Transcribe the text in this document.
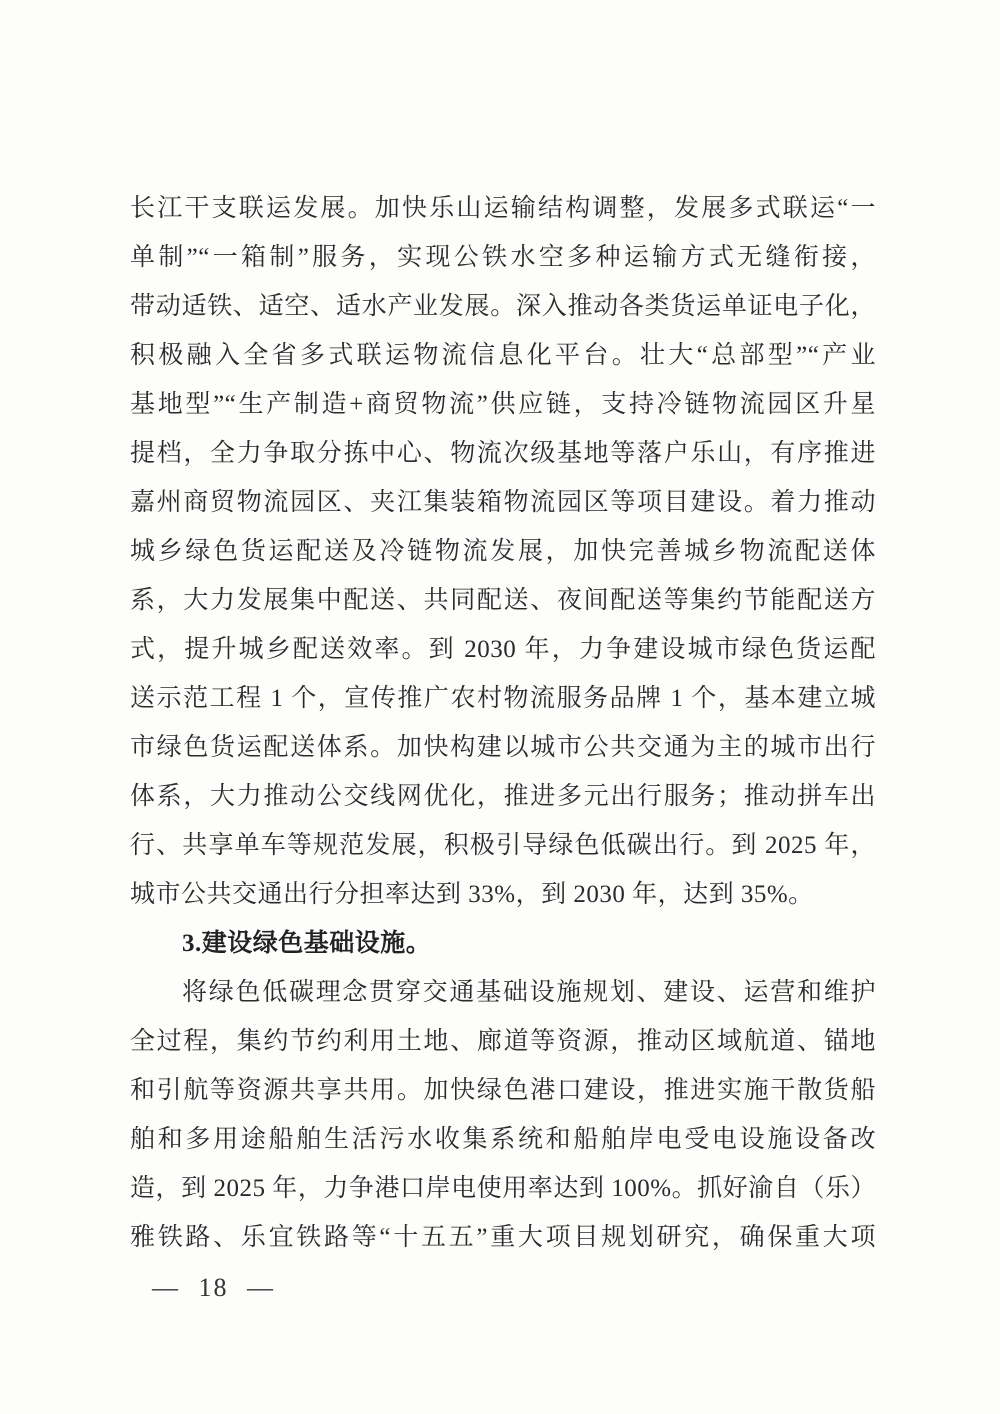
长江干支联运发展。加快乐山运输结构调整，发展多式联运“一
单制”“一箱制”服务，实现公铁水空多种运输方式无缝衔接，
带动适铁、适空、适水产业发展。深入推动各类货运单证电子化，
积极融入全省多式联运物流信息化平台。壮大“总部型”“产业
基地型”“生产制造+商贸物流”供应链，支持冷链物流园区升星
提档，全力争取分拣中心、物流次级基地等落户乐山，有序推进
嘉州商贸物流园区、夹江集装箱物流园区等项目建设。着力推动
城乡绿色货运配送及冷链物流发展，加快完善城乡物流配送体
系，大力发展集中配送、共同配送、夜间配送等集约节能配送方
式，提升城乡配送效率。到 2030 年，力争建设城市绿色货运配
送示范工程 1 个，宣传推广农村物流服务品牌 1 个，基本建立城
市绿色货运配送体系。加快构建以城市公共交通为主的城市出行
体系，大力推动公交线网优化，推进多元出行服务；推动拼车出
行、共享单车等规范发展，积极引导绿色低碳出行。到 2025 年，
城市公共交通出行分担率达到 33%，到 2030 年，达到 35%。
3.建设绿色基础设施。
将绿色低碳理念贯穿交通基础设施规划、建设、运营和维护
全过程，集约节约利用土地、廊道等资源，推动区域航道、锚地
和引航等资源共享共用。加快绿色港口建设，推进实施干散货船
舶和多用途船舶生活污水收集系统和船舶岸电受电设施设备改
造，到 2025 年，力争港口岸电使用率达到 100%。抓好渝自（乐）
雅铁路、乐宜铁路等“十五五”重大项目规划研究，确保重大项
— 18 —
